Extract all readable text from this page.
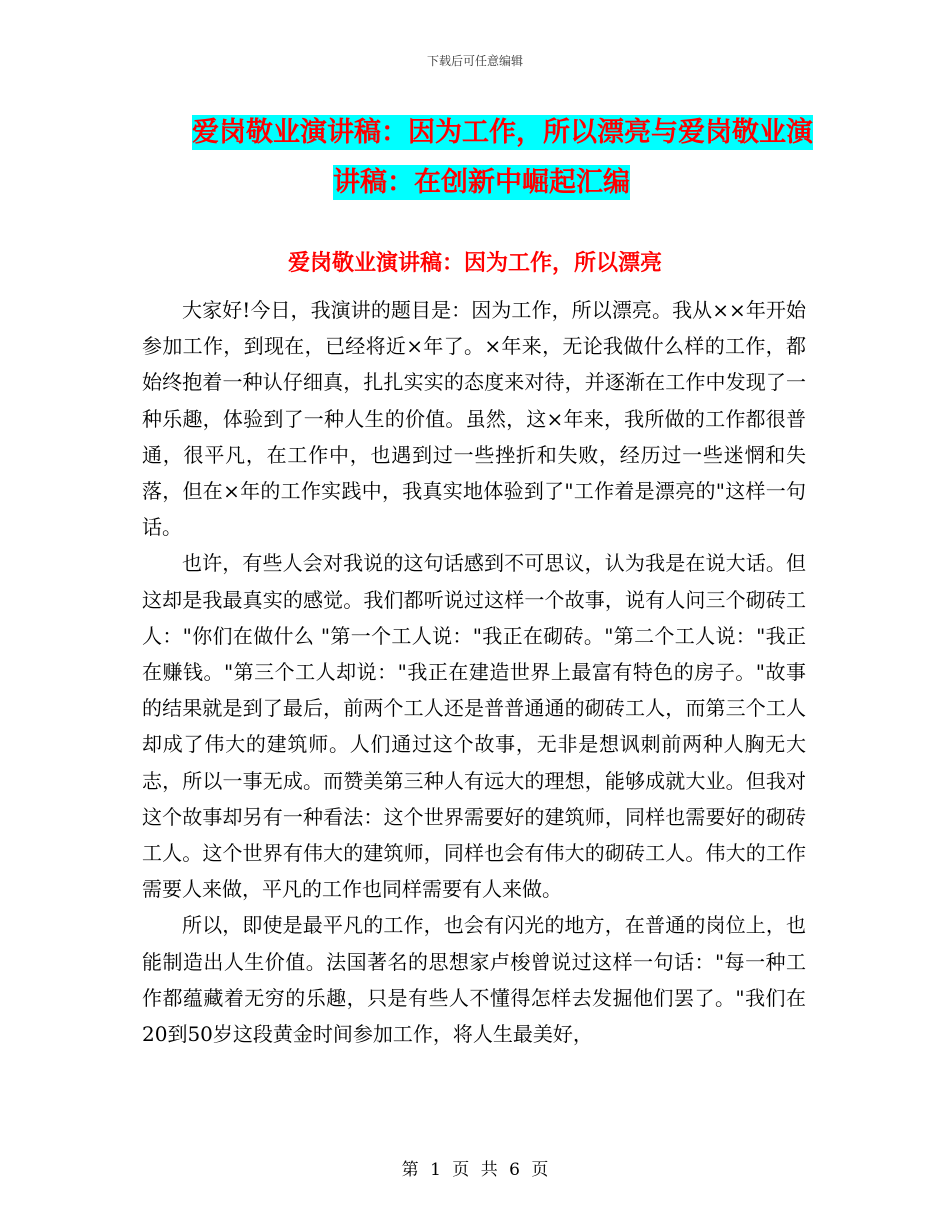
下载后可任意编辑
爱岗敬业演讲稿：因为工作，所以漂亮与爱岗敬业演
讲稿：在创新中崛起汇编
爱岗敬业演讲稿：因为工作，所以漂亮

大家好!今日，我演讲的题目是：因为工作，所以漂亮。我从××年开始参加工作，到现在，已经将近×年了。×年来，无论我做什么样的工作，都始终抱着一种认仔细真，扎扎实实的态度来对待，并逐渐在工作中发现了一种乐趣，体验到了一种人生的价值。虽然，这×年来，我所做的工作都很普通，很平凡，在工作中，也遇到过一些挫折和失败，经历过一些迷惘和失落，但在×年的工作实践中，我真实地体验到了"工作着是漂亮的"这样一句话。

也许，有些人会对我说的这句话感到不可思议，认为我是在说大话。但这却是我最真实的感觉。我们都听说过这样一个故事，说有人问三个砌砖工人："你们在做什么 "第一个工人说："我正在砌砖。"第二个工人说："我正在赚钱。"第三个工人却说："我正在建造世界上最富有特色的房子。"故事的结果就是到了最后，前两个工人还是普普通通的砌砖工人，而第三个工人却成了伟大的建筑师。人们通过这个故事，无非是想讽刺前两种人胸无大志，所以一事无成。而赞美第三种人有远大的理想，能够成就大业。但我对这个故事却另有一种看法：这个世界需要好的建筑师，同样也需要好的砌砖工人。这个世界有伟大的建筑师，同样也会有伟大的砌砖工人。伟大的工作需要人来做，平凡的工作也同样需要有人来做。

所以，即使是最平凡的工作，也会有闪光的地方，在普通的岗位上，也能制造出人生价值。法国著名的思想家卢梭曾说过这样一句话："每一种工作都蕴藏着无穷的乐趣，只是有些人不懂得怎样去发掘他们罢了。"我们在20到50岁这段黄金时间参加工作，将人生最美好，

第 1 页 共 6 页
